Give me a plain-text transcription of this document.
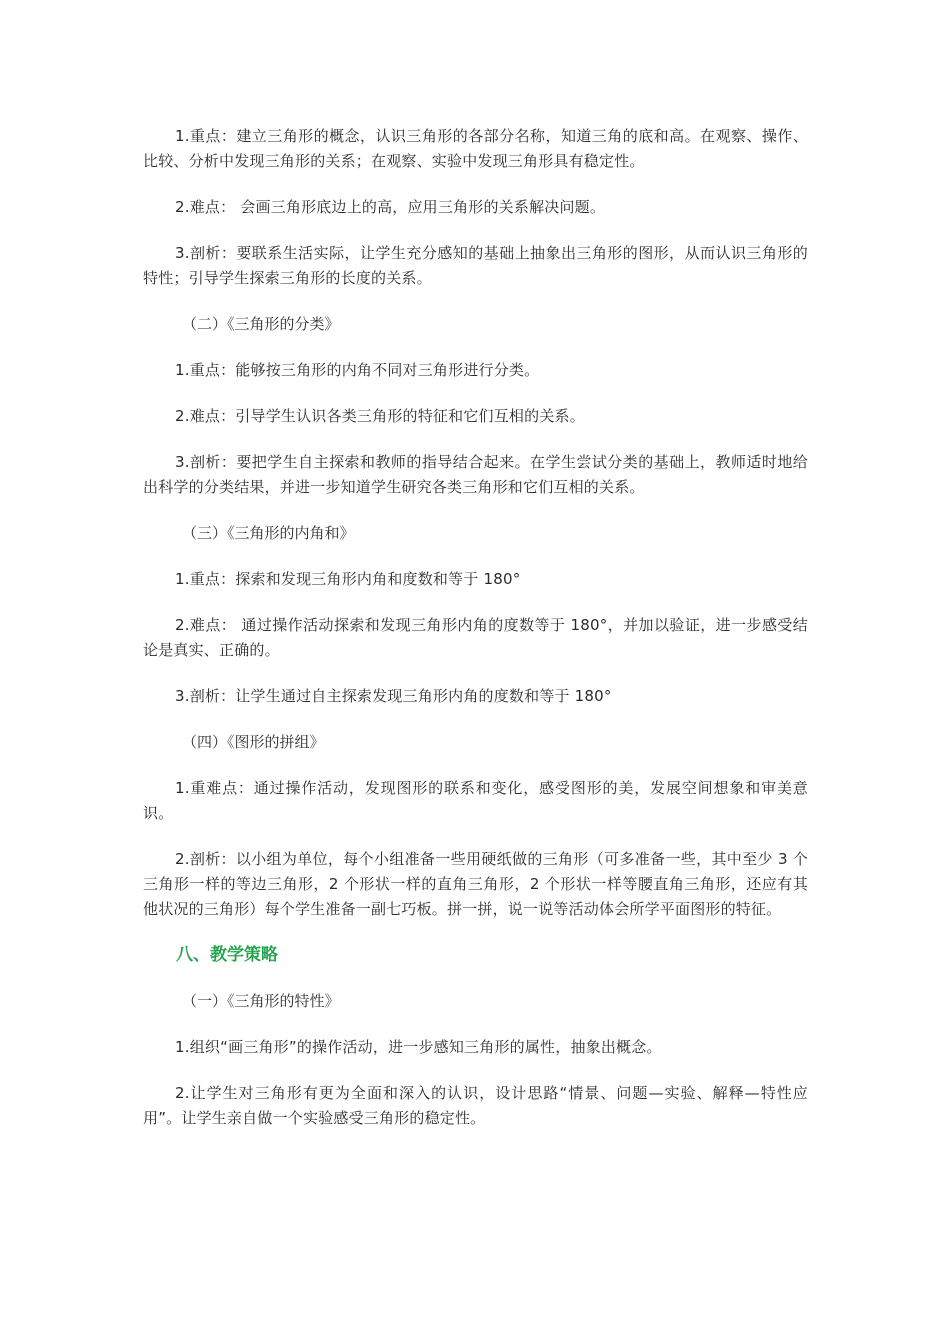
1.重点：建立三角形的概念，认识三角形的各部分名称，知道三角的底和高。在观察、操作、比较、分析中发现三角形的关系；在观察、实验中发现三角形具有稳定性。

2.难点： 会画三角形底边上的高，应用三角形的关系解决问题。

3.剖析：要联系生活实际，让学生充分感知的基础上抽象出三角形的图形，从而认识三角形的特性；引导学生探索三角形的长度的关系。

（二）《三角形的分类》

1.重点：能够按三角形的内角不同对三角形进行分类。

2.难点：引导学生认识各类三角形的特征和它们互相的关系。

3.剖析：要把学生自主探索和教师的指导结合起来。在学生尝试分类的基础上，教师适时地给出科学的分类结果，并进一步知道学生研究各类三角形和它们互相的关系。

（三）《三角形的内角和》

1.重点：探索和发现三角形内角和度数和等于 180°

2.难点： 通过操作活动探索和发现三角形内角的度数等于 180°，并加以验证，进一步感受结论是真实、正确的。

3.剖析：让学生通过自主探索发现三角形内角的度数和等于 180°

（四）《图形的拼组》

1.重难点：通过操作活动，发现图形的联系和变化，感受图形的美，发展空间想象和审美意识。

2.剖析：以小组为单位，每个小组准备一些用硬纸做的三角形（可多准备一些，其中至少 3 个三角形一样的等边三角形，2 个形状一样的直角三角形，2 个形状一样等腰直角三角形，还应有其他状况的三角形）每个学生准备一副七巧板。拼一拼，说一说等活动体会所学平面图形的特征。

八、教学策略

（一）《三角形的特性》

1.组织“画三角形”的操作活动，进一步感知三角形的属性，抽象出概念。

2.让学生对三角形有更为全面和深入的认识，设计思路“情景、问题—实验、解释—特性应用”。让学生亲自做一个实验感受三角形的稳定性。
